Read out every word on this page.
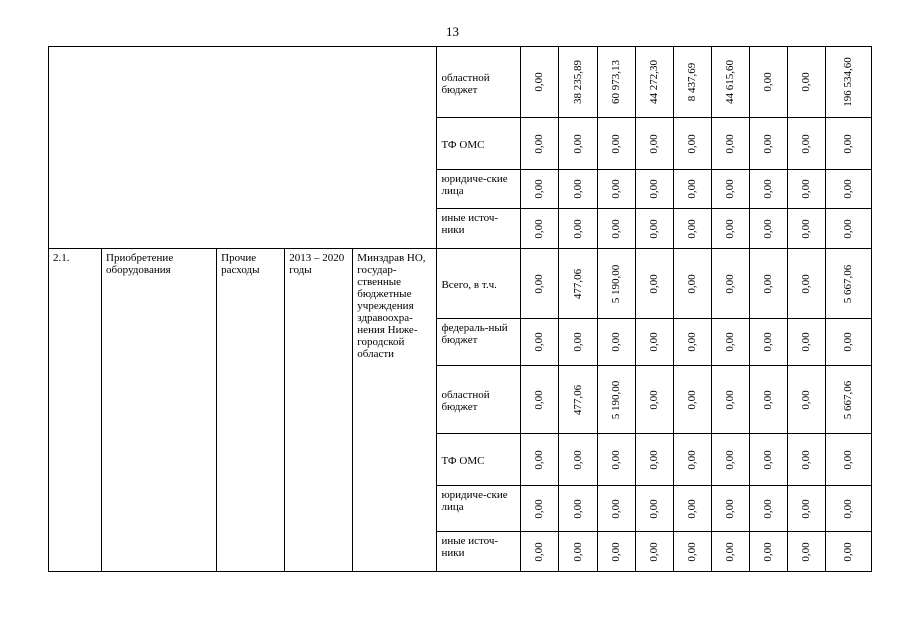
13
					областной бюджет	0,00	38 235,89	60 973,13	44 272,30	8 437,69	44 615,60	0,00	0,00	196 534,60

					ТФ ОМС	0,00	0,00	0,00	0,00	0,00	0,00	0,00	0,00	0,00

					юридиче-ские лица	0,00	0,00	0,00	0,00	0,00	0,00	0,00	0,00	0,00

					иные источ-ники	0,00	0,00	0,00	0,00	0,00	0,00	0,00	0,00	0,00

2.1.	Приобретение оборудования	Прочие расходы	2013 – 2020 годы	Минздрав НО, государ-ственные бюджетные учреждения здравоохра-нения Ниже-городской области	Всего, в т.ч.	0,00	477,06	5 190,00	0,00	0,00	0,00	0,00	0,00	5 667,06

					федераль-ный бюджет	0,00	0,00	0,00	0,00	0,00	0,00	0,00	0,00	0,00

					областной бюджет	0,00	477,06	5 190,00	0,00	0,00	0,00	0,00	0,00	5 667,06

					ТФ ОМС	0,00	0,00	0,00	0,00	0,00	0,00	0,00	0,00	0,00

					юридиче-ские лица	0,00	0,00	0,00	0,00	0,00	0,00	0,00	0,00	0,00

					иные источ-ники	0,00	0,00	0,00	0,00	0,00	0,00	0,00	0,00	0,00
